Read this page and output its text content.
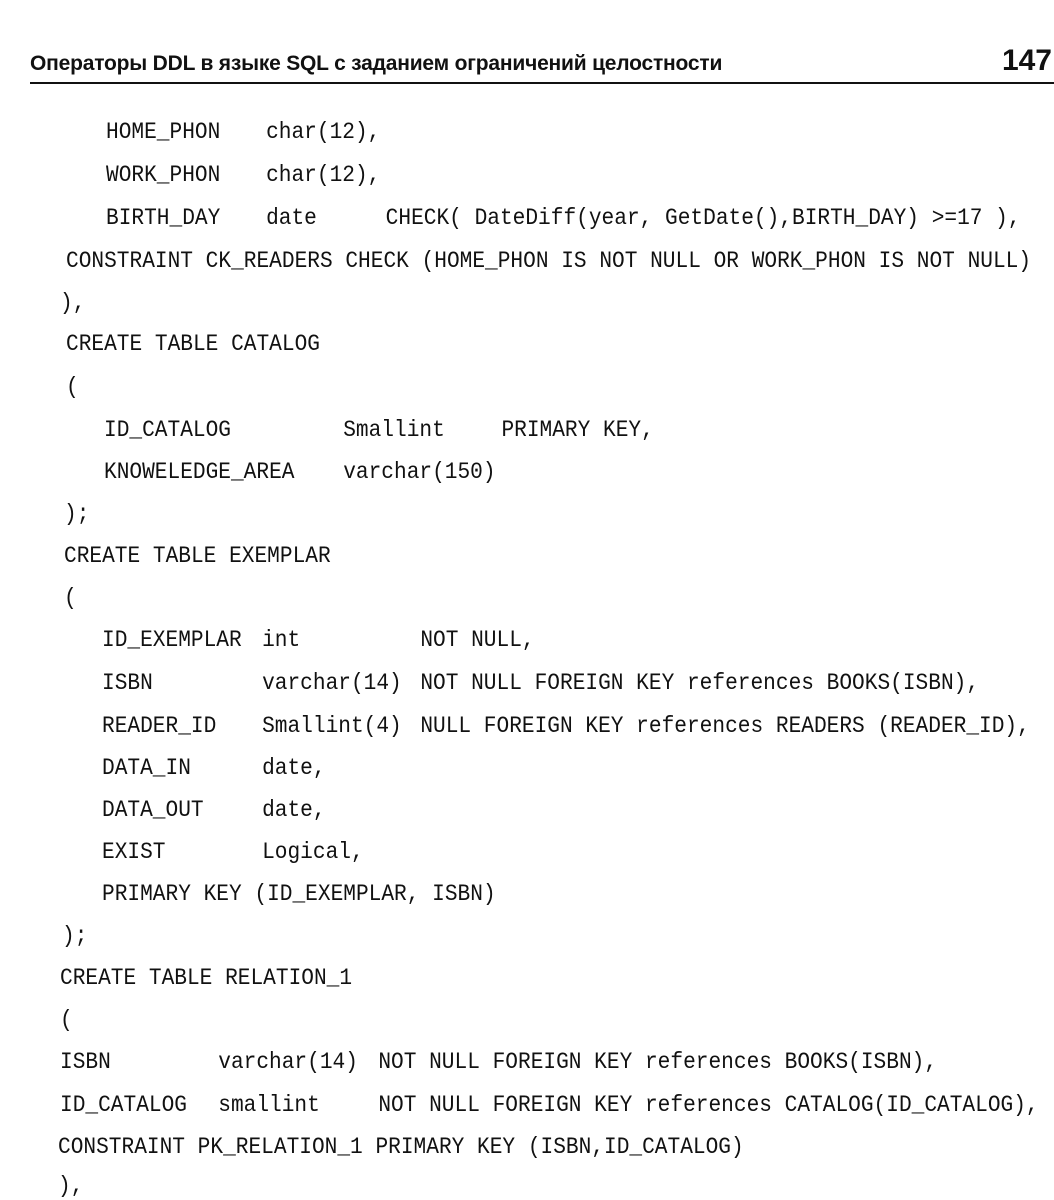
Операторы DDL в языке SQL с заданием ограничений целостности	147
HOME_PHON char(12),
WORK_PHON char(12),
BIRTH_DAY date	CHECK( DateDiff(year, GetDate(),BIRTH_DAY) >=17 ),
CONSTRAINT CK_READERS CHECK (HOME_PHON IS NOT NULL OR WORK_PHON IS NOT NULL)
),
CREATE TABLE CATALOG
(
ID_CATALOG	Smallint PRIMARY KEY,
KNOWELEDGE_AREA varchar(150)
);
CREATE TABLE EXEMPLAR
(
ID_EXEMPLAR int	NOT NULL,
ISBN	varchar(14) NOT NULL FOREIGN KEY references BOOKS(ISBN),
READER_ID Smallint(4) NULL FOREIGN KEY references READERS (READER_ID),
DATA_IN	date,
DATA_OUT	date,
EXIST	Logical,
PRIMARY KEY (ID_EXEMPLAR, ISBN)
);
CREATE TABLE RELATION_1
(
ISBN	varchar(14) NOT NULL FOREIGN KEY references BOOKS(ISBN),
ID_CATALOG smallint	NOT NULL FOREIGN KEY references CATALOG(ID_CATALOG),
CONSTRAINT PK_RELATION_1 PRIMARY KEY (ISBN,ID_CATALOG)
),
